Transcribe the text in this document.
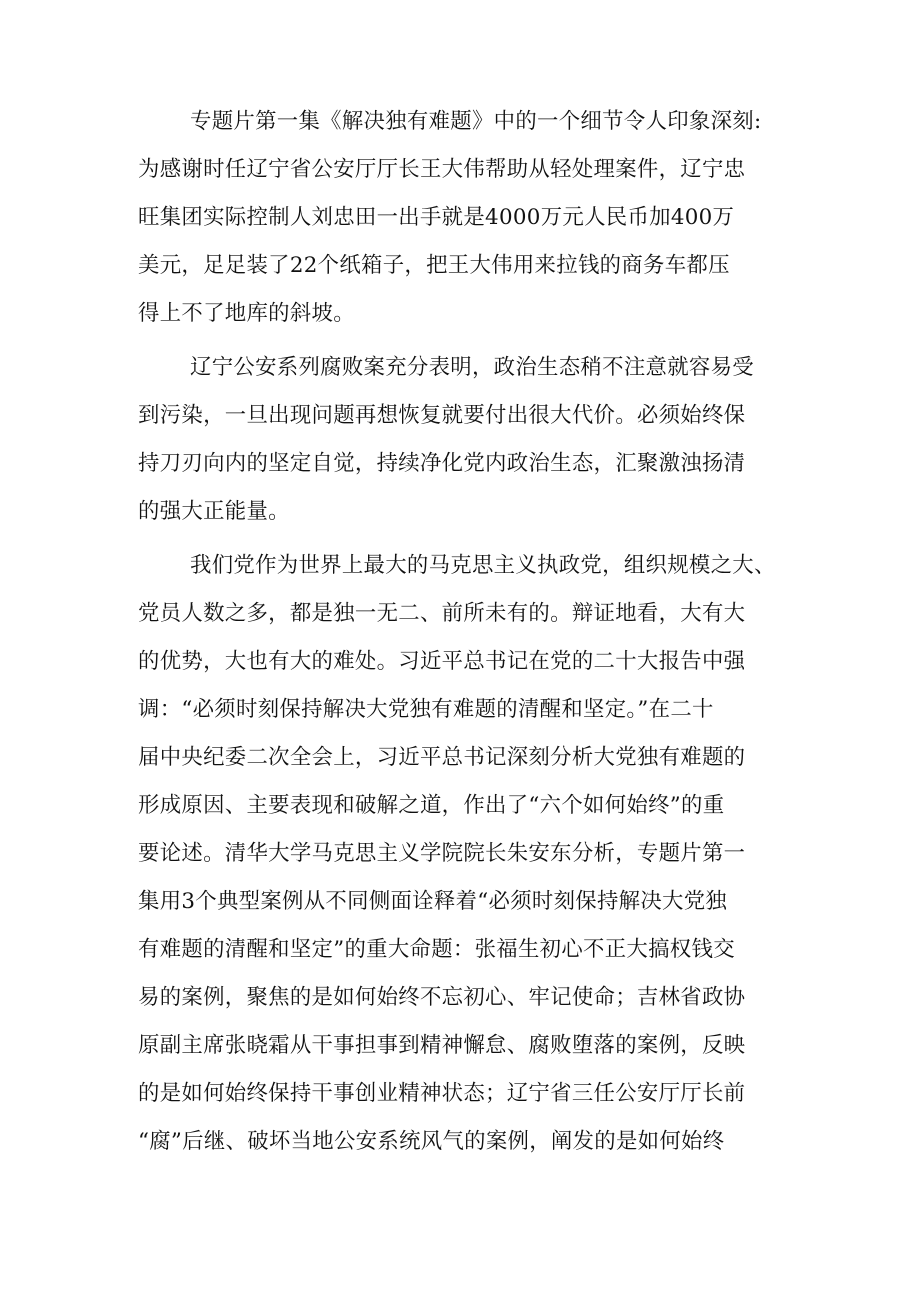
专题片第一集《解决独有难题》中的一个细节令人印象深刻:
为感谢时任辽宁省公安厅厅长王大伟帮助从轻处理案件，辽宁忠
旺集团实际控制人刘忠田一出手就是4000万元人民币加400万
美元，足足装了22个纸箱子，把王大伟用来拉钱的商务车都压
得上不了地库的斜坡。
辽宁公安系列腐败案充分表明，政治生态稍不注意就容易受
到污染，一旦出现问题再想恢复就要付出很大代价。必须始终保
持刀刃向内的坚定自觉，持续净化党内政治生态，汇聚激浊扬清
的强大正能量。
我们党作为世界上最大的马克思主义执政党，组织规模之大、
党员人数之多，都是独一无二、前所未有的。辩证地看，大有大
的优势，大也有大的难处。习近平总书记在党的二十大报告中强
调：“必须时刻保持解决大党独有难题的清醒和坚定。”在二十
届中央纪委二次全会上，习近平总书记深刻分析大党独有难题的
形成原因、主要表现和破解之道，作出了“六个如何始终”的重
要论述。清华大学马克思主义学院院长朱安东分析，专题片第一
集用3个典型案例从不同侧面诠释着“必须时刻保持解决大党独
有难题的清醒和坚定”的重大命题：张福生初心不正大搞权钱交
易的案例，聚焦的是如何始终不忘初心、牢记使命；吉林省政协
原副主席张晓霜从干事担事到精神懈怠、腐败堕落的案例，反映
的是如何始终保持干事创业精神状态；辽宁省三任公安厅厅长前
“腐”后继、破坏当地公安系统风气的案例，阐发的是如何始终
